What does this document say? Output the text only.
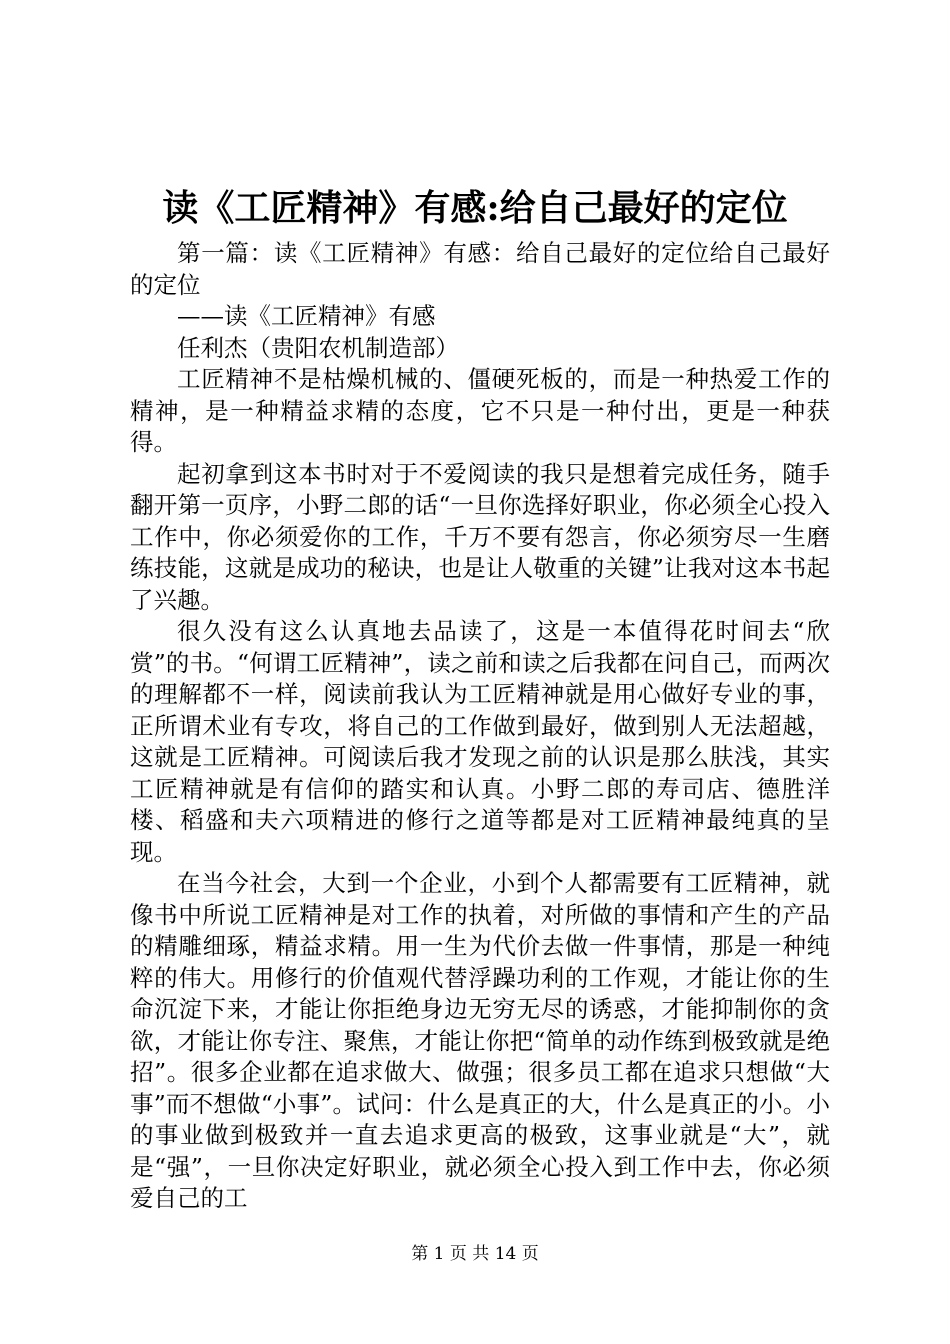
读《工匠精神》有感:给自己最好的定位

第一篇：读《工匠精神》有感：给自己最好的定位给自己最好的定位

——读《工匠精神》有感

任利杰（贵阳农机制造部）

工匠精神不是枯燥机械的、僵硬死板的，而是一种热爱工作的精神，是一种精益求精的态度，它不只是一种付出，更是一种获得。

起初拿到这本书时对于不爱阅读的我只是想着完成任务，随手翻开第一页序，小野二郎的话“一旦你选择好职业，你必须全心投入工作中，你必须爱你的工作，千万不要有怨言，你必须穷尽一生磨练技能，这就是成功的秘诀，也是让人敬重的关键”让我对这本书起了兴趣。

很久没有这么认真地去品读了，这是一本值得花时间去“欣赏”的书。“何谓工匠精神”，读之前和读之后我都在问自己，而两次的理解都不一样，阅读前我认为工匠精神就是用心做好专业的事，正所谓术业有专攻，将自己的工作做到最好，做到别人无法超越，这就是工匠精神。可阅读后我才发现之前的认识是那么肤浅，其实工匠精神就是有信仰的踏实和认真。小野二郎的寿司店、德胜洋楼、稻盛和夫六项精进的修行之道等都是对工匠精神最纯真的呈现。

在当今社会，大到一个企业，小到个人都需要有工匠精神，就像书中所说工匠精神是对工作的执着，对所做的事情和产生的产品的精雕细琢，精益求精。用一生为代价去做一件事情，那是一种纯粹的伟大。用修行的价值观代替浮躁功利的工作观，才能让你的生命沉淀下来，才能让你拒绝身边无穷无尽的诱惑，才能抑制你的贪欲，才能让你专注、聚焦，才能让你把“简单的动作练到极致就是绝招”。很多企业都在追求做大、做强；很多员工都在追求只想做“大事”而不想做“小事”。试问：什么是真正的大，什么是真正的小。小的事业做到极致并一直去追求更高的极致，这事业就是“大”，就是“强”，一旦你决定好职业，就必须全心投入到工作中去，你必须爱自己的工

第 1 页 共 14 页
